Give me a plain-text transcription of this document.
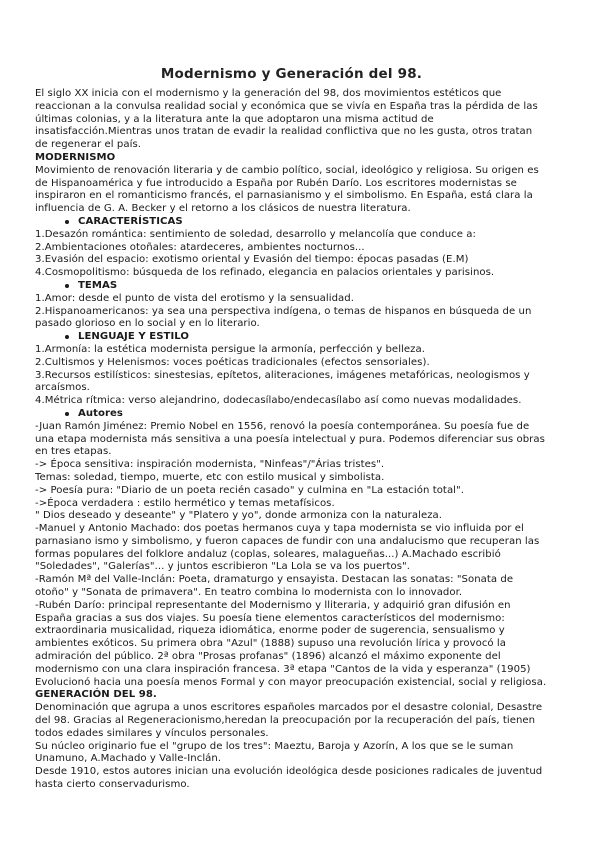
Modernismo y Generación del 98.

El siglo XX inicia con el modernismo y la generación del 98, dos movimientos estéticos que reaccionan a la convulsa realidad social y económica que se vivía en España tras la pérdida de las últimas colonias, y a la literatura ante la que adoptaron una misma actitud de insatisfacción.Mientras unos tratan de evadir la realidad conflictiva que no les gusta, otros tratan de regenerar el país.

MODERNISMO

Movimiento de renovación literaria y de cambio político, social, ideológico y religiosa. Su origen es de Hispanoamérica y fue introducido a España por Rubén Darío. Los escritores modernistas se inspiraron en el romanticismo francés, el parnasianismo y el simbolismo. En España, está clara la influencia de G. A. Becker y el retorno a los clásicos de nuestra literatura.

CARACTERÍSTICAS

1.Desazón romántica: sentimiento de soledad, desarrollo y melancolía que conduce a:

2.Ambientaciones otoñales: atardeceres, ambientes nocturnos...

3.Evasión del espacio: exotismo oriental y Evasión del tiempo: épocas pasadas (E.M)

4.Cosmopolitismo: búsqueda de los refinado, elegancia en palacios orientales y parisinos.

TEMAS

1.Amor: desde el punto de vista del erotismo y la sensualidad.

2.Hispanoamericanos: ya sea una perspectiva indígena, o temas de hispanos en búsqueda de un pasado glorioso en lo social y en lo literario.

LENGUAJE Y ESTILO

1.Armonía: la estética modernista persigue la armonía, perfección y belleza.

2.Cultismos y Helenismos: voces poéticas tradicionales (efectos sensoriales).

3.Recursos estilísticos: sinestesias, epítetos, aliteraciones, imágenes metafóricas, neologismos y arcaísmos.

4.Métrica rítmica: verso alejandrino, dodecasílabo/endecasílabo así como nuevas modalidades.

Autores

-Juan Ramón Jiménez: Premio Nobel en 1556, renovó la poesía contemporánea. Su poesía fue de una etapa modernista más sensitiva a una poesía intelectual y pura. Podemos diferenciar sus obras en tres etapas.

-> Época sensitiva: inspiración modernista, "Ninfeas"/"Árias tristes".

Temas: soledad, tiempo, muerte, etc con estilo musical y simbolista.

-> Poesía pura: "Diario de un poeta recién casado" y culmina en "La estación total".

->Época verdadera : estilo hermético y temas metafísicos.

" Dios deseado y deseante" y "Platero y yo", donde armoniza con la naturaleza.

-Manuel y Antonio Machado: dos poetas hermanos cuya y tapa modernista se vio influida por el parnasiano ismo y simbolismo, y fueron capaces de fundir con una andalucismo que recuperan las formas populares del folklore andaluz (coplas, soleares, malagueñas...) A.Machado escribió "Soledades", "Galerías"... y juntos escribieron "La Lola se va los puertos".

-Ramón Mª del Valle-Inclán: Poeta, dramaturgo y ensayista. Destacan las sonatas: "Sonata de otoño" y "Sonata de primavera". En teatro combina lo modernista con lo innovador.

-Rubén Darío: principal representante del Modernismo y lliteraria, y adquirió gran difusión en España gracias a sus dos viajes. Su poesía tiene elementos característicos del modernismo: extraordinaria musicalidad, riqueza idiomática, enorme poder de sugerencia, sensualismo y ambientes exóticos. Su primera obra "Azul" (1888) supuso una revolución lírica y provocó la admiración del público. 2ª obra "Prosas profanas" (1896) alcanzó el máximo exponente del modernismo con una clara inspiración francesa. 3ª etapa "Cantos de la vida y esperanza" (1905) Evolucionó hacia una poesía menos Formal y con mayor preocupación existencial, social y religiosa.

GENERACIÓN DEL 98.

Denominación que agrupa a unos escritores españoles marcados por el desastre colonial, Desastre del 98. Gracias al Regeneracionismo,heredan la preocupación por la recuperación del país, tienen todos edades similares y vínculos personales.

Su núcleo originario fue el "grupo de los tres": Maeztu, Baroja y Azorín, A los que se le suman Unamuno, A.Machado y Valle-Inclán.

Desde 1910, estos autores inician una evolución ideológica desde posiciones radicales de juventud hasta cierto conservadurismo.
